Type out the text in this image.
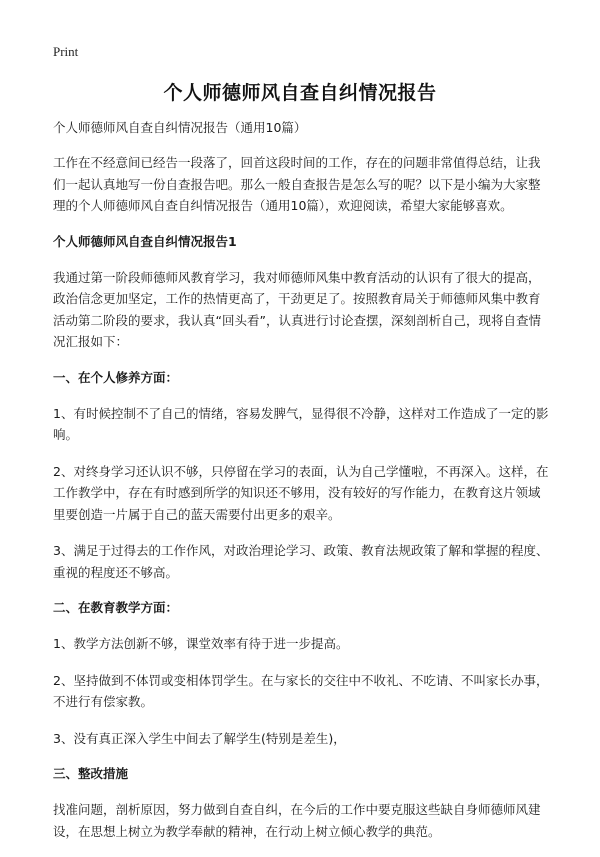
Print
个人师德师风自查自纠情况报告
个人师德师风自查自纠情况报告（通用10篇）

工作在不经意间已经告一段落了，回首这段时间的工作，存在的问题非常值得总结，让我们一起认真地写一份自查报告吧。那么一般自查报告是怎么写的呢？以下是小编为大家整理的个人师德师风自查自纠情况报告（通用10篇），欢迎阅读，希望大家能够喜欢。

个人师德师风自查自纠情况报告1

我通过第一阶段师德师风教育学习，我对师德师风集中教育活动的认识有了很大的提高，政治信念更加坚定，工作的热情更高了，干劲更足了。按照教育局关于师德师风集中教育活动第二阶段的要求，我认真“回头看”，认真进行讨论查摆，深刻剖析自己，现将自查情况汇报如下：

一、在个人修养方面：

1、有时候控制不了自己的情绪，容易发脾气，显得很不冷静，这样对工作造成了一定的影响。

2、对终身学习还认识不够，只停留在学习的表面，认为自己学懂啦，不再深入。这样，在工作教学中，存在有时感到所学的知识还不够用，没有较好的写作能力，在教育这片领域里要创造一片属于自己的蓝天需要付出更多的艰辛。

3、满足于过得去的工作作风，对政治理论学习、政策、教育法规政策了解和掌握的程度、重视的程度还不够高。

二、在教育教学方面：

1、教学方法创新不够，课堂效率有待于进一步提高。

2、坚持做到不体罚或变相体罚学生。在与家长的交往中不收礼、不吃请、不叫家长办事，不进行有偿家教。

3、没有真正深入学生中间去了解学生(特别是差生)，

三、整改措施

找准问题，剖析原因，努力做到自查自纠，在今后的工作中要克服这些缺自身师德师风建设，在思想上树立为教学奉献的精神，在行动上树立倾心教学的典范。
